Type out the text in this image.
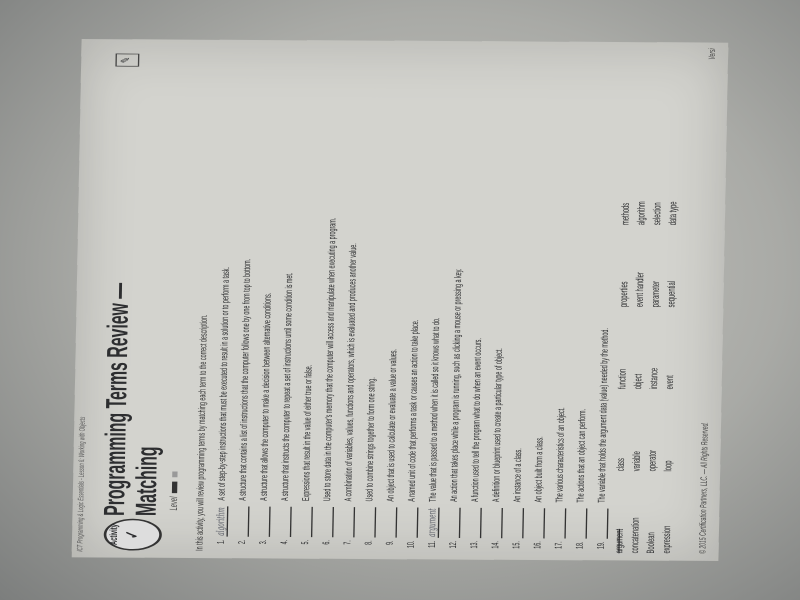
ICT Programming & Logic Essentials - Lesson 6: Working with Objects	Activity ✓
Programming Terms Review —
Matching Level
✎
In this activity, you will review programming terms by matching each term to the correct description. 1.
algorithm
A set of step-by-step instructions that must be executed to result in a solution or to perform a task.
2.
A structure that contains a list of instructions that the computer follows one by one from top to bottom.
3.
A structure that allows the computer to make a decision between alternative conditions.
4.
A structure that instructs the computer to repeat a set of instructions until some condition is met.
5.
Expressions that result in the value of either true or false.
6.
Used to store data in the computer's memory that the computer will access and manipulate when executing a program.
7.
A combination of variables, values, functions and operators, which is evaluated and produces another value.
8.
Used to combine strings together to form one string.
9.
An object that is used to calculate or evaluate a value or values.
10.
A named unit of code that performs a task or causes an action to take place.
11.
argument
The value that is passed to a method when it is called so it knows what to do.
12.
An action that takes place while a program is running, such as clicking a mouse or pressing a key.
13.
A function used to tell the program what to do when an event occurs.
14.
A definition or blueprint used to create a particular type of object.
15.
An instance of a class.
16.
An object built from a class.
17.
The various characteristics of an object.
18.
The actions that an object can perform.
19.
The variable that holds the argument data (value) needed by the method.
argument
class
function
properties
methods
concatenation
variable
object
event handler
algorithm
Boolean
operator
instance
parameter
selection
expression
loop
event
sequential
data type
© 2015 Certification Partners, LLC. — All Rights Reserved.
Versi
